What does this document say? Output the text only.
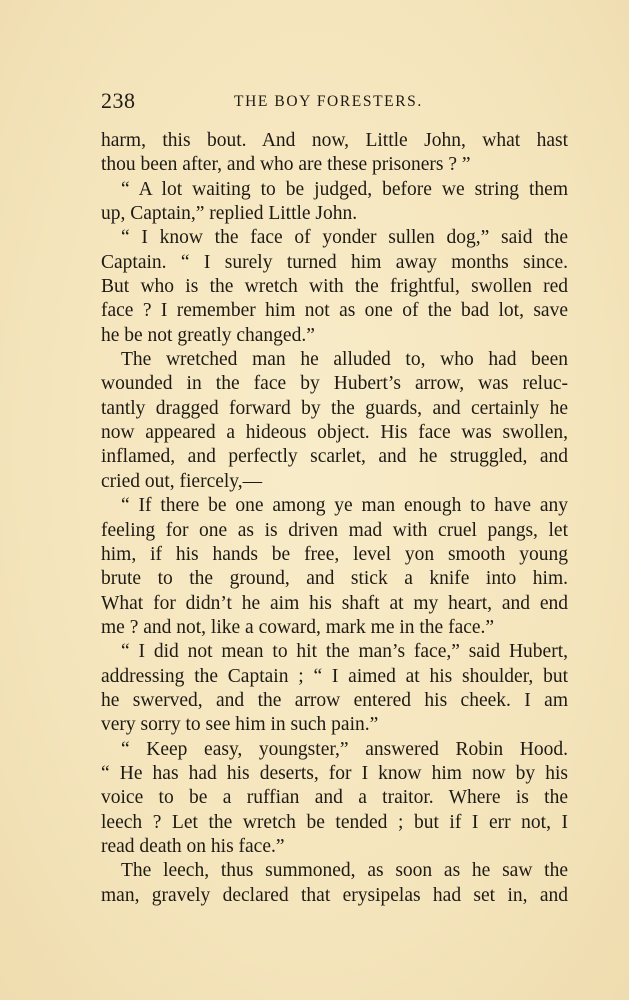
238	THE BOY FORESTERS.
harm, this bout. And now, Little John, what hast
thou been after, and who are these prisoners ? ”
“ A lot waiting to be judged, before we string them
up, Captain,” replied Little John.
“ I know the face of yonder sullen dog,” said the
Captain. “ I surely turned him away months since.
But who is the wretch with the frightful, swollen red
face ? I remember him not as one of the bad lot, save
he be not greatly changed.”
The wretched man he alluded to, who had been
wounded in the face by Hubert’s arrow, was reluc-
tantly dragged forward by the guards, and certainly he
now appeared a hideous object. His face was swollen,
inflamed, and perfectly scarlet, and he struggled, and
cried out, fiercely,—
“ If there be one among ye man enough to have any
feeling for one as is driven mad with cruel pangs, let
him, if his hands be free, level yon smooth young
brute to the ground, and stick a knife into him.
What for didn’t he aim his shaft at my heart, and end
me ? and not, like a coward, mark me in the face.”
“ I did not mean to hit the man’s face,” said Hubert,
addressing the Captain ; “ I aimed at his shoulder, but
he swerved, and the arrow entered his cheek. I am
very sorry to see him in such pain.”
“ Keep easy, youngster,” answered Robin Hood.
“ He has had his deserts, for I know him now by his
voice to be a ruffian and a traitor. Where is the
leech ? Let the wretch be tended ; but if I err not, I
read death on his face.”
The leech, thus summoned, as soon as he saw the
man, gravely declared that erysipelas had set in, and
